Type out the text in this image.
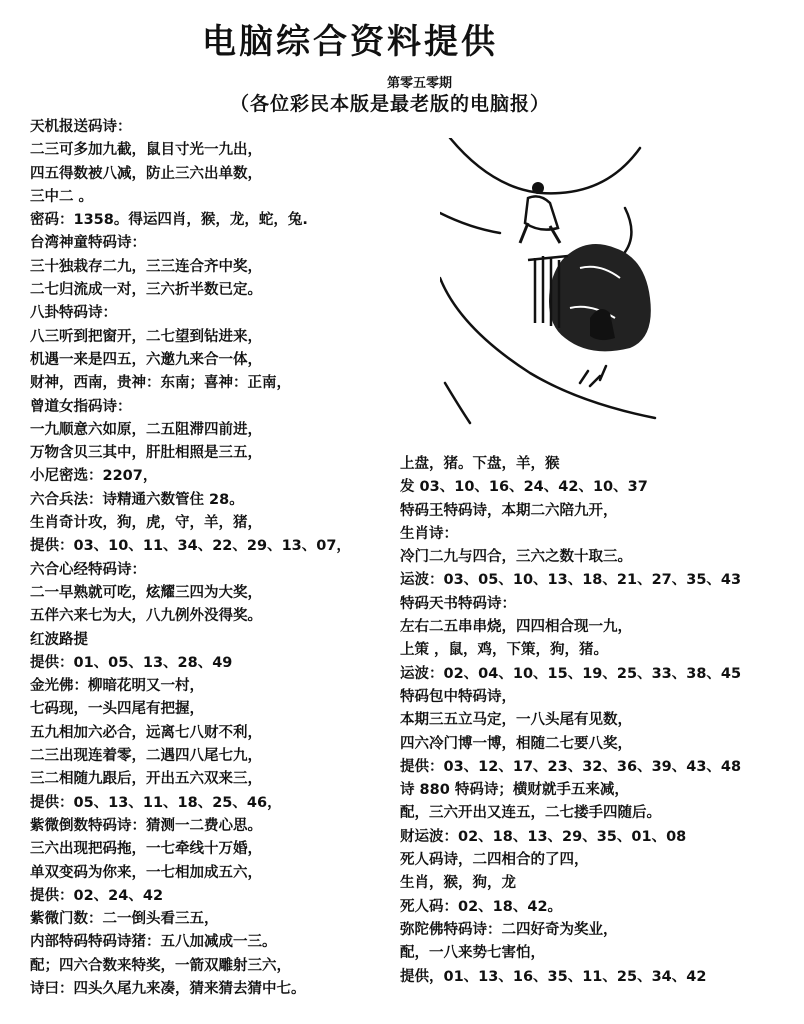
电脑综合资料提供
第零五零期
（各位彩民本版是最老版的电脑报）
天机报送码诗：
二三可多加九截，鼠目寸光一九出，
四五得数被八减，防止三六出单数，
三中二 。
密码：1358。得运四肖，猴，龙，蛇，兔.
台湾神童特码诗：
三十独栽存二九，三三连合齐中奖，
二七归流成一对，三六折半数已定。
八卦特码诗：
八三听到把窗开，二七望到钻进来，
机遇一来是四五，六邀九来合一体，
财神，西南，贵神：东南；喜神：正南，
曾道女指码诗：
一九顺意六如原，二五阻滞四前进，
万物含贝三其中，肝肚相照是三五，
小尼密选：2207，
六合兵法：诗精通六数管住 28。
生肖奇计攻，狗，虎，守，羊，猪，
提供：03、10、11、34、22、29、13、07，
六合心经特码诗：
二一早熟就可吃，炫耀三四为大奖，
五伴六来七为大，八九例外没得奖。
红波路提
提供：01、05、13、28、49
金光佛：柳暗花明又一村，
七码现，一头四尾有把握，
五九相加六必合，远离七八财不利，
二三出现连着零，二遇四八尾七九，
三二相随九跟后，开出五六双来三，
提供：05、13、11、18、25、46，
紫微倒数特码诗：猜测一二费心思。
三六出现把码拖，一七牵线十万婚，
单双变码为你来，一七相加成五六，
提供：02、24、42
紫微门数：二一倒头看三五，
内部特码特码诗猪：五八加减成一三。
配；四六合数来特奖，一箭双雕射三六，
诗曰：四头久尾九来凑，猜来猜去猜中七。
上盘，猪。下盘，羊，猴
发 03、10、16、24、42、10、37
特码王特码诗，本期二六陪九开，
生肖诗：
冷门二九与四合，三六之数十取三。
运波：03、05、10、13、18、21、27、35、43
特码天书特码诗：
左右二五串串烧，四四相合现一九，
上策 ，鼠，鸡，下策，狗，猪。
运波：02、04、10、15、19、25、33、38、45
特码包中特码诗，
本期三五立马定，一八头尾有见数，
四六冷门博一博，相随二七要八奖，
提供：03、12、17、23、32、36、39、43、48
诗 880 特码诗；横财就手五来减，
配，三六开出又连五，二七搂手四随后。
财运波：02、18、13、29、35、01、08
死人码诗，二四相合的了四，
生肖，猴，狗，龙
死人码：02、18、42。
弥陀佛特码诗：二四好奇为奖业，
配，一八来势七害怕，
提供，01、13、16、35、11、25、34、42
